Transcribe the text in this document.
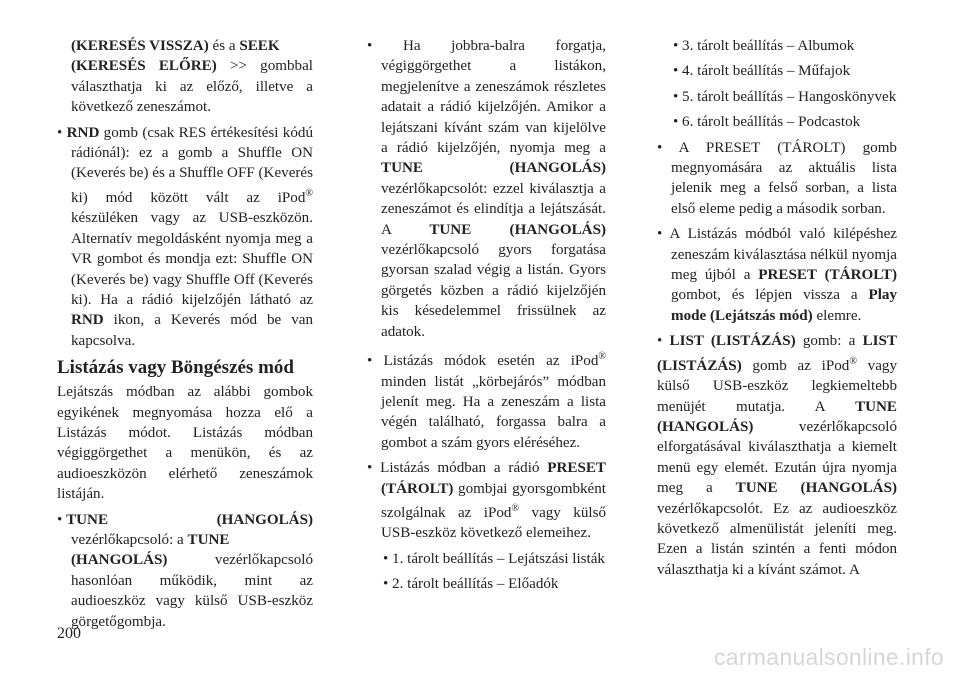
(KERESÉS VISSZA) és a SEEK
(KERESÉS ELŐRE) >> gombbal választhatja ki az előző, illetve a következő zeneszámot.

• RND gomb (csak RES értékesítési kódú rádiónál): ez a gomb a Shuffle ON (Keverés be) és a Shuffle OFF (Keverés ki) mód között vált az iPod® készüléken vagy az USB-eszközön. Alternatív megoldásként nyomja meg a VR gombot és mondja ezt: Shuffle ON (Keverés be) vagy Shuffle Off (Keverés ki). Ha a rádió kijelzőjén látható az RND ikon, a Keverés mód be van kapcsolva.

Listázás vagy Böngészés mód

Lejátszás módban az alábbi gombok egyikének megnyomása hozza elő a Listázás módot. Listázás módban végiggörgethet a menükön, és az audioeszközön elérhető zeneszámok listáján.

• TUNE	(HANGOLÁS)

vezérlőkapcsoló: a TUNE
(HANGOLÁS) vezérlőkapcsoló hasonlóan működik, mint az audioeszköz vagy külső USB-eszköz görgetőgombja.

• Ha jobbra-balra forgatja, végiggörgethet a listákon, megjelenítve a zeneszámok részletes adatait a rádió kijelzőjén. Amikor a lejátszani kívánt szám van kijelölve a rádió kijelzőjén, nyomja meg a TUNE (HANGOLÁS) vezérlőkapcsolót: ezzel kiválasztja a zeneszámot és elindítja a lejátszását. A TUNE (HANGOLÁS) vezérlőkapcsoló gyors forgatása gyorsan szalad végig a listán. Gyors görgetés közben a rádió kijelzőjén kis késedelemmel frissülnek az adatok.

• Listázás módok esetén az iPod® minden listát „körbejárós” módban jelenít meg. Ha a zeneszám a lista végén található, forgassa balra a gombot a szám gyors eléréséhez.

• Listázás módban a rádió PRESET (TÁROLT) gombjai gyorsgombként szolgálnak az iPod® vagy külső USB-eszköz következő elemeihez.

• 1. tárolt beállítás – Lejátszási listák

• 2. tárolt beállítás – Előadók

• 3. tárolt beállítás – Albumok

• 4. tárolt beállítás – Műfajok

• 5. tárolt beállítás – Hangoskönyvek

• 6. tárolt beállítás – Podcastok

• A PRESET (TÁROLT) gomb megnyomására az aktuális lista jelenik meg a felső sorban, a lista első eleme pedig a második sorban.

• A Listázás módból való kilépéshez zeneszám kiválasztása nélkül nyomja meg újból a PRESET (TÁROLT) gombot, és lépjen vissza a Play mode (Lejátszás mód) elemre.

• LIST (LISTÁZÁS) gomb: a LIST (LISTÁZÁS) gomb az iPod® vagy külső USB-eszköz legkiemeltebb menüjét mutatja. A TUNE (HANGOLÁS) vezérlőkapcsoló elforgatásával kiválaszthatja a kiemelt menü egy elemét. Ezután újra nyomja meg a TUNE (HANGOLÁS) vezérlőkapcsolót. Ez az audioeszköz következő almenülistát jeleníti meg. Ezen a listán szintén a fenti módon választhatja ki a kívánt számot. A

200
carmanualsonline.info
